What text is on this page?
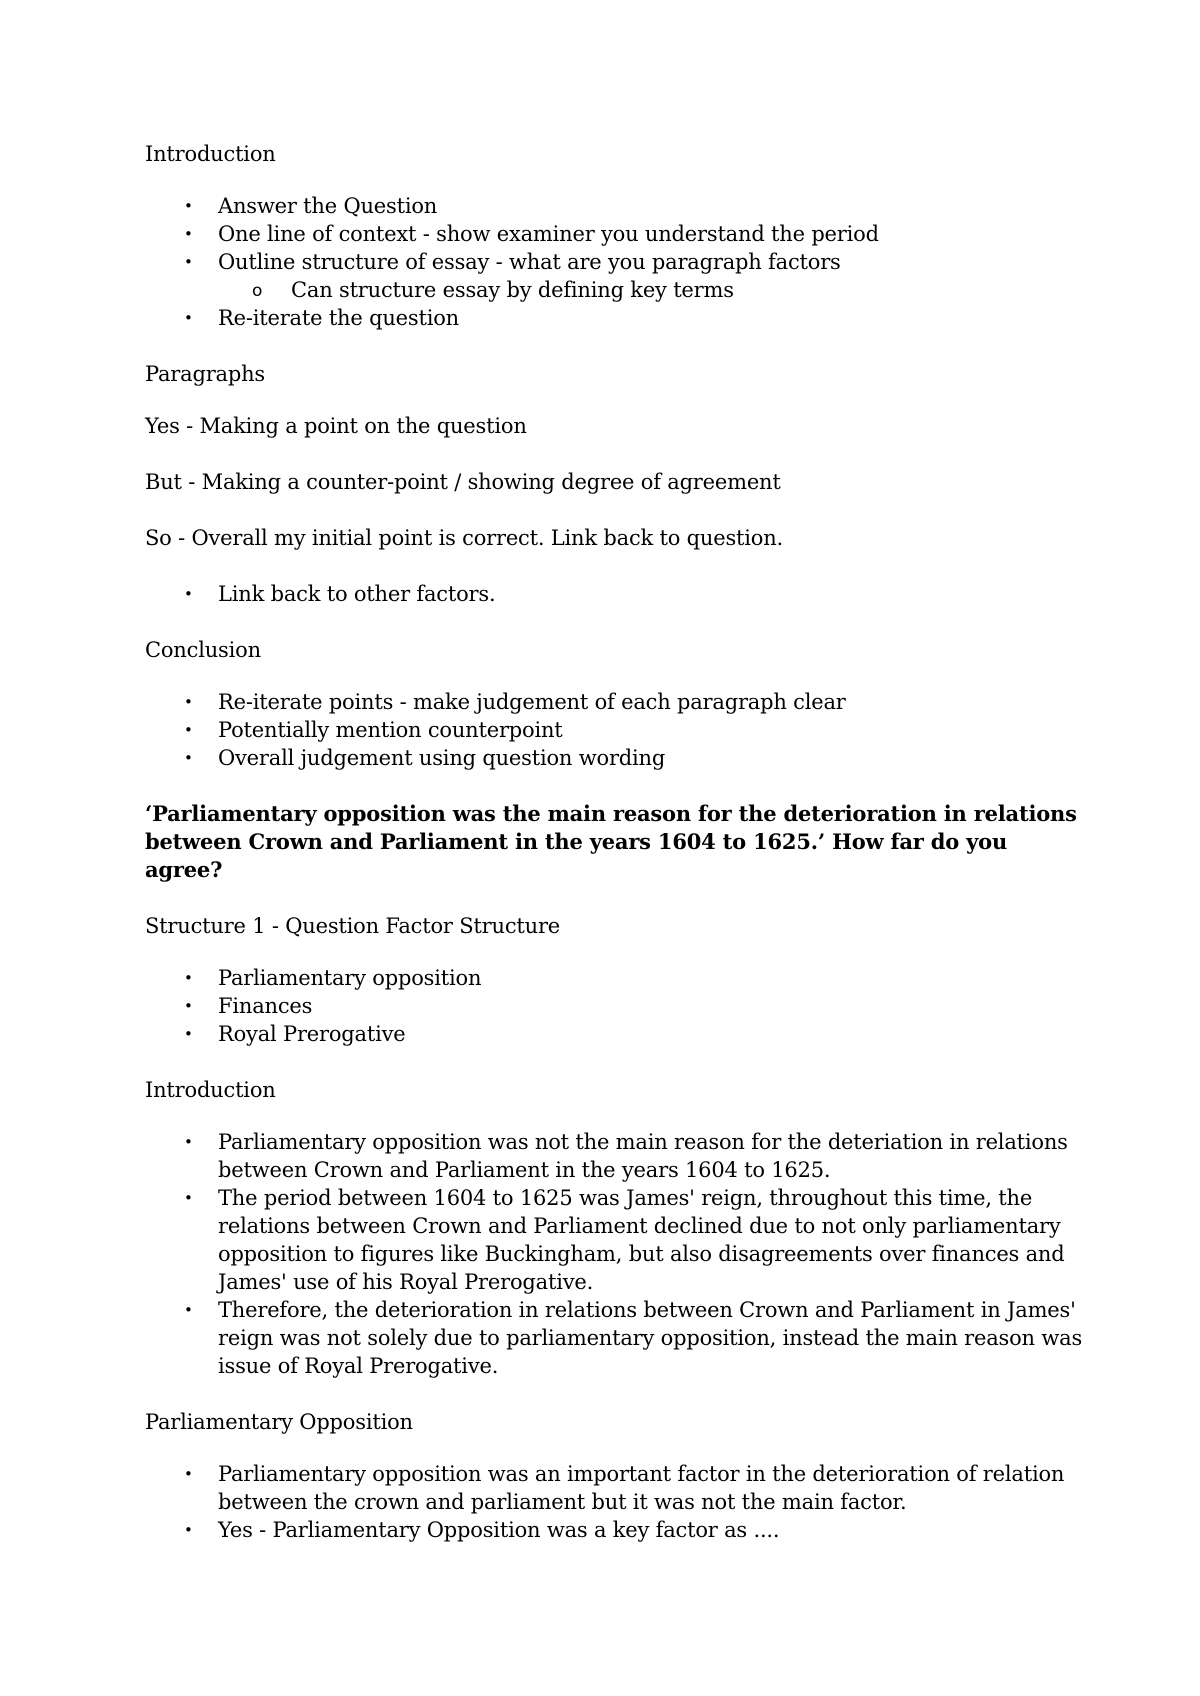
Introduction

• Answer the Question
• One line of context - show examiner you understand the period
• Outline structure of essay - what are you paragraph factors
o Can structure essay by defining key terms
• Re-iterate the question

Paragraphs

Yes - Making a point on the question

But - Making a counter-point / showing degree of agreement

So - Overall my initial point is correct. Link back to question.

• Link back to other factors.

Conclusion

• Re-iterate points - make judgement of each paragraph clear
• Potentially mention counterpoint
• Overall judgement using question wording

‘Parliamentary opposition was the main reason for the deterioration in relations between Crown and Parliament in the years 1604 to 1625.’ How far do you agree?

Structure 1 - Question Factor Structure

• Parliamentary opposition
• Finances
• Royal Prerogative

Introduction

• Parliamentary opposition was not the main reason for the deteriation in relations between Crown and Parliament in the years 1604 to 1625.
• The period between 1604 to 1625 was James' reign, throughout this time, the relations between Crown and Parliament declined due to not only parliamentary opposition to figures like Buckingham, but also disagreements over finances and James' use of his Royal Prerogative.
• Therefore, the deterioration in relations between Crown and Parliament in James' reign was not solely due to parliamentary opposition, instead the main reason was issue of Royal Prerogative.

Parliamentary Opposition

• Parliamentary opposition was an important factor in the deterioration of relation between the crown and parliament but it was not the main factor.
• Yes - Parliamentary Opposition was a key factor as ....
